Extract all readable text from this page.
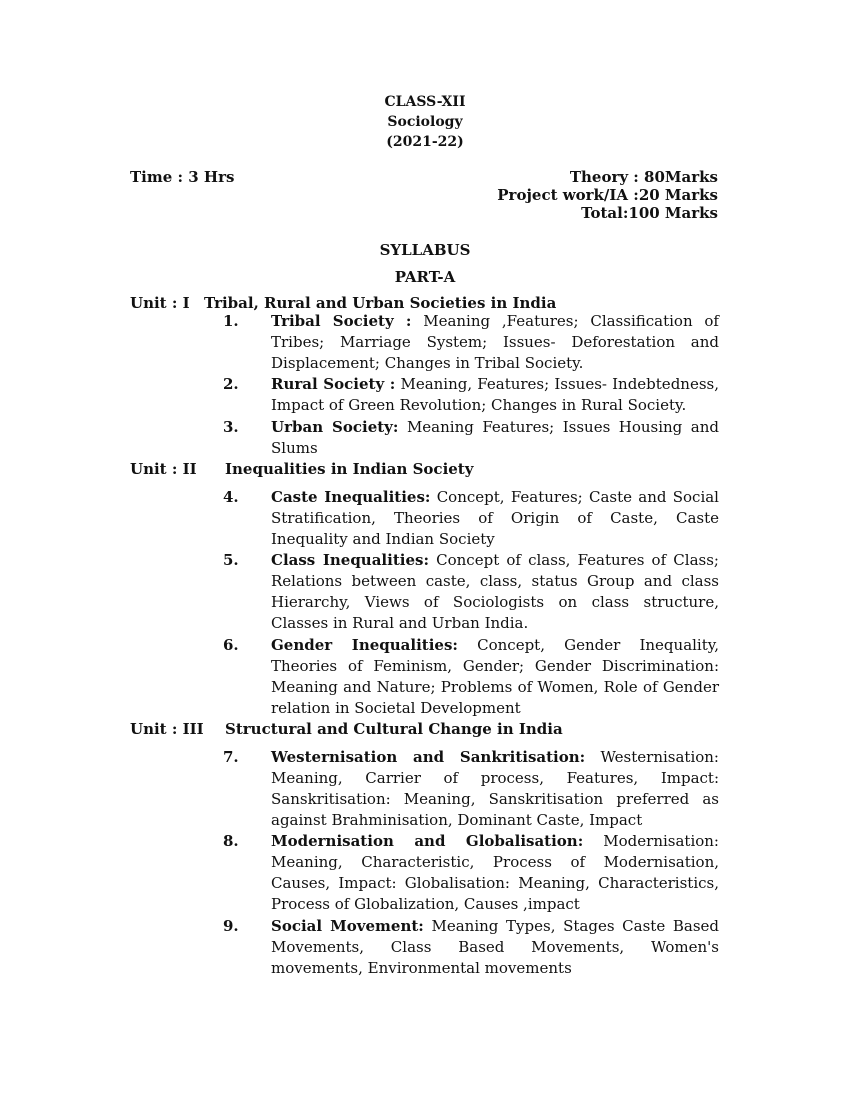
CLASS-XII
Sociology
(2021-22)
Time : 3 Hrs	Theory : 80Marks
Project work/IA :20 Marks
Total:100 Marks
SYLLABUS
PART-A
Unit : I Tribal, Rural and Urban Societies in India
1. Tribal Society : Meaning ,Features; Classification of Tribes; Marriage System; Issues- Deforestation and Displacement; Changes in Tribal Society.
2. Rural Society : Meaning, Features; Issues- Indebtedness, Impact of Green Revolution; Changes in Rural Society.
3. Urban Society: Meaning Features; Issues Housing and Slums
Unit : II Inequalities in Indian Society
4. Caste Inequalities: Concept, Features; Caste and Social Stratification, Theories of Origin of Caste, Caste Inequality and Indian Society
5. Class Inequalities: Concept of class, Features of Class; Relations between caste, class, status Group and class Hierarchy, Views of Sociologists on class structure, Classes in Rural and Urban India.
6. Gender Inequalities: Concept, Gender Inequality, Theories of Feminism, Gender; Gender Discrimination: Meaning and Nature; Problems of Women, Role of Gender relation in Societal Development
Unit : III Structural and Cultural Change in India
7. Westernisation and Sankritisation: Westernisation: Meaning, Carrier of process, Features, Impact: Sanskritisation: Meaning, Sanskritisation preferred as against Brahminisation, Dominant Caste, Impact
8. Modernisation and Globalisation: Modernisation: Meaning, Characteristic, Process of Modernisation, Causes, Impact: Globalisation: Meaning, Characteristics, Process of Globalization, Causes ,impact
9. Social Movement: Meaning Types, Stages Caste Based Movements, Class Based Movements, Women's movements, Environmental movements
